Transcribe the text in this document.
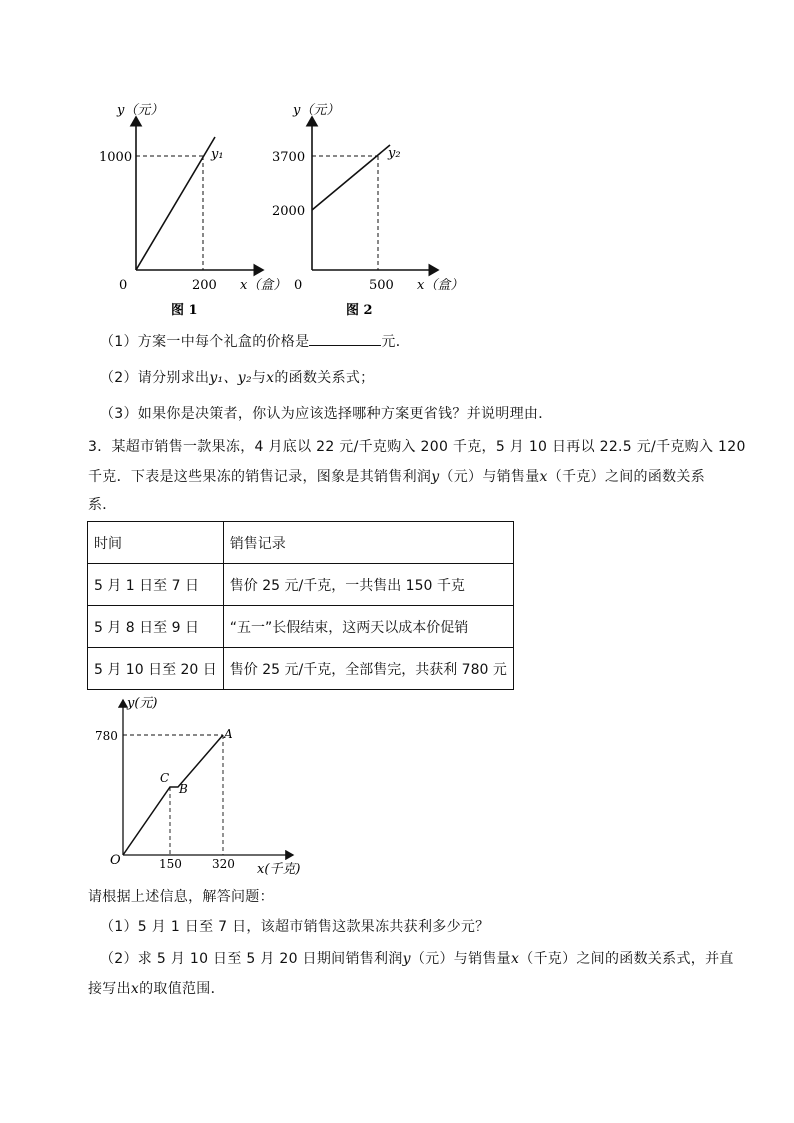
y（元）
1000
0	200 x（盒）
y₁
图 1
y（元）
3700
2000
0	500 x（盒）
y₂
图 2
（1）方案一中每个礼盒的价格是	元．
（2）请分别求出y₁、y₂与x的函数关系式；
（3）如果你是决策者，你认为应该选择哪种方案更省钱？并说明理由．
3．某超市销售一款果冻，4 月底以 22 元/千克购入 200 千克，5 月 10 日再以 22.5 元/千克购入 120
千克．下表是这些果冻的销售记录，图象是其销售利润y（元）与销售量x（千克）之间的函数关系
系．
时间	销售记录
5 月 1 日至 7 日	售价 25 元/千克，一共售出 150 千克
5 月 8 日至 9 日	“五一”长假结束，这两天以成本价促销
5 月 10 日至 20 日	售价 25 元/千克，全部售完，共获利 780 元
y(元)
780
O	150	320 x(千克)
A
C
B
请根据上述信息，解答问题：
（1）5 月 1 日至 7 日，该超市销售这款果冻共获利多少元？
（2）求 5 月 10 日至 5 月 20 日期间销售利润y（元）与销售量x（千克）之间的函数关系式，并直
接写出x的取值范围．
